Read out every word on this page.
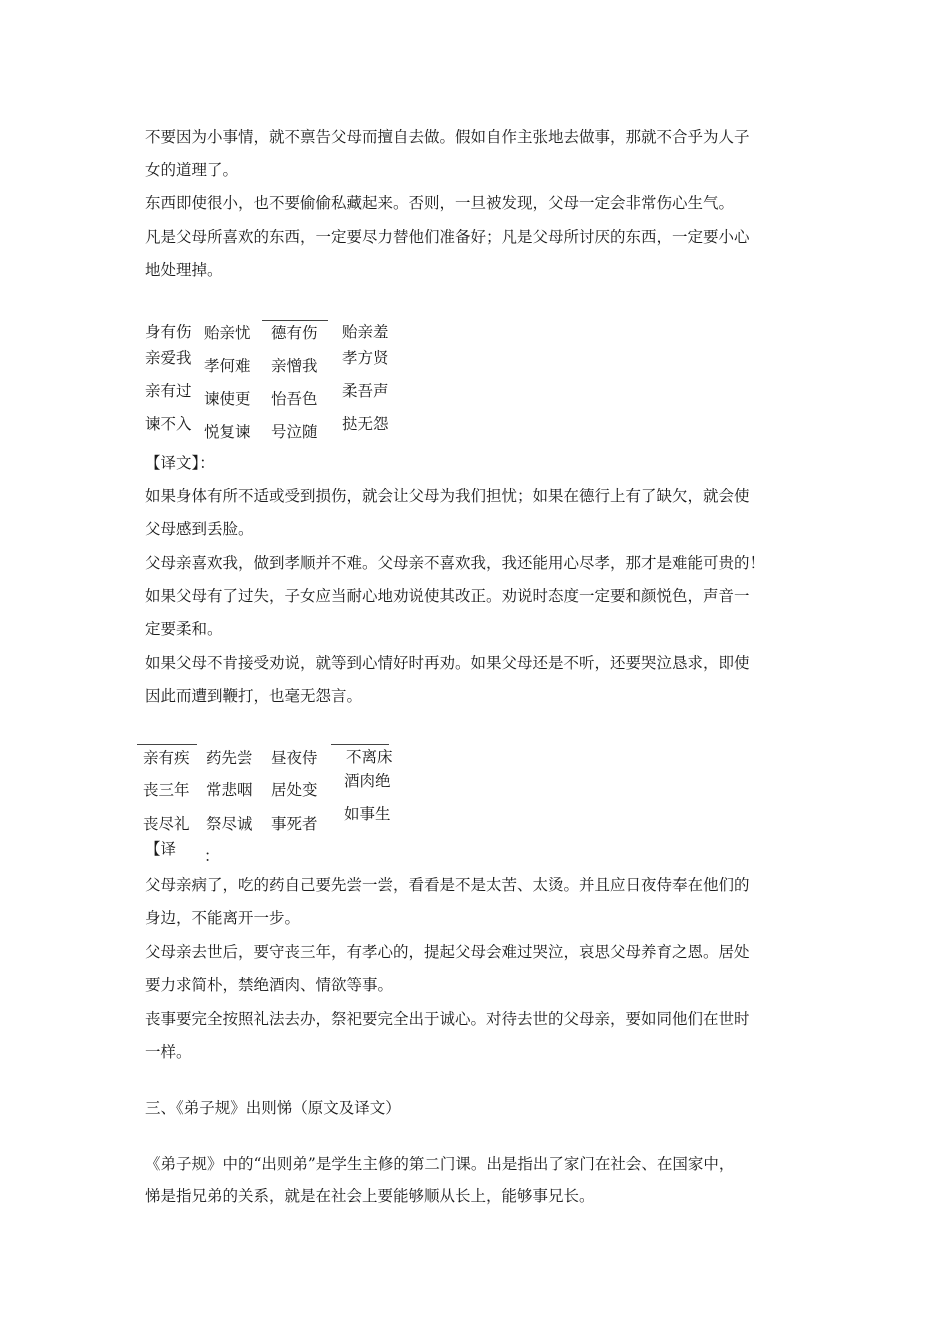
不要因为小事情，就不禀告父母而擅自去做。假如自作主张地去做事，那就不合乎为人子
女的道理了。
东西即使很小，也不要偷偷私藏起来。否则，一旦被发现，父母一定会非常伤心生气。
凡是父母所喜欢的东西，一定要尽力替他们准备好；凡是父母所讨厌的东西，一定要小心
地处理掉。
身有伤 贻亲忧 德有伤 贻亲羞
亲爱我 孝何难 亲憎我 孝方贤
亲有过 谏使更 怡吾色 柔吾声
谏不入 悦复谏 号泣随 挞无怨
【译文】：
如果身体有所不适或受到损伤，就会让父母为我们担忧；如果在德行上有了缺欠，就会使
父母感到丢脸。
父母亲喜欢我，做到孝顺并不难。父母亲不喜欢我，我还能用心尽孝，那才是难能可贵的！
如果父母有了过失，子女应当耐心地劝说使其改正。劝说时态度一定要和颜悦色，声音一
定要柔和。
如果父母不肯接受劝说，就等到心情好时再劝。如果父母还是不听，还要哭泣恳求，即使
因此而遭到鞭打，也毫无怨言。
亲有疾 药先尝 昼夜侍 不离床
丧三年 常悲咽 居处变 酒肉绝
丧尽礼 祭尽诚 事死者
如事生
【译	：
父母亲病了，吃的药自己要先尝一尝，看看是不是太苦、太烫。并且应日夜侍奉在他们的
身边，不能离开一步。
父母亲去世后，要守丧三年，有孝心的，提起父母会难过哭泣，哀思父母养育之恩。居处
要力求简朴，禁绝酒肉、情欲等事。
丧事要完全按照礼法去办，祭祀要完全出于诚心。对待去世的父母亲，要如同他们在世时
一样。
三、《弟子规》出则悌（原文及译文）
《弟子规》中的“出则弟”是学生主修的第二门课。出是指出了家门在社会、在国家中，
悌是指兄弟的关系，就是在社会上要能够顺从长上，能够事兄长。
